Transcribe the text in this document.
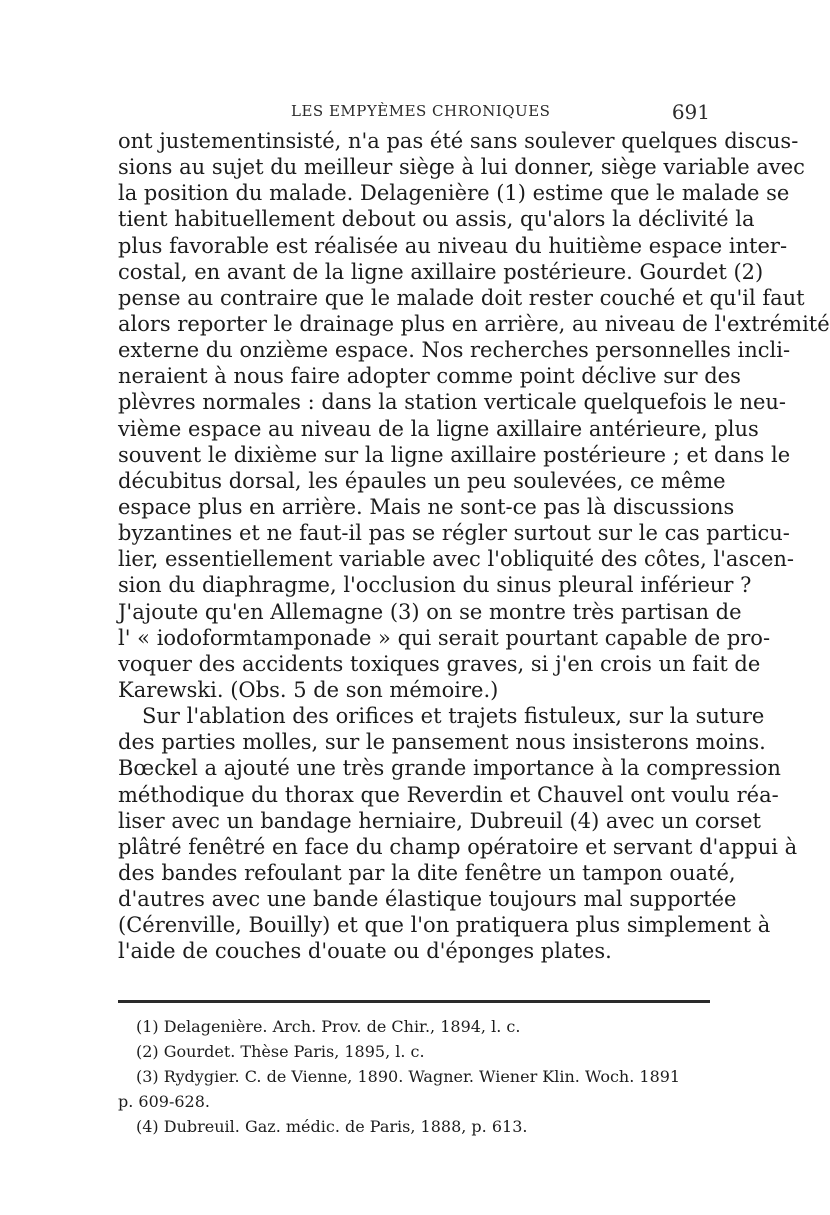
LES EMPYÈMES CHRONIQUES	691
ont justementinsisté, n'a pas été sans soulever quelques discus-
sions au sujet du meilleur siège à lui donner, siège variable avec
la position du malade. Delagenière (1) estime que le malade se
tient habituellement debout ou assis, qu'alors la déclivité la
plus favorable est réalisée au niveau du huitième espace inter-
costal, en avant de la ligne axillaire postérieure. Gourdet (2)
pense au contraire que le malade doit rester couché et qu'il faut
alors reporter le drainage plus en arrière, au niveau de l'extrémité
externe du onzième espace. Nos recherches personnelles incli-
neraient à nous faire adopter comme point déclive sur des
plèvres normales : dans la station verticale quelquefois le neu-
vième espace au niveau de la ligne axillaire antérieure, plus
souvent le dixième sur la ligne axillaire postérieure ; et dans le
décubitus dorsal, les épaules un peu soulevées, ce même
espace plus en arrière. Mais ne sont-ce pas là discussions
byzantines et ne faut-il pas se régler surtout sur le cas particu-
lier, essentiellement variable avec l'obliquité des côtes, l'ascen-
sion du diaphragme, l'occlusion du sinus pleural inférieur ?
J'ajoute qu'en Allemagne (3) on se montre très partisan de
l' « iodoformtamponade » qui serait pourtant capable de pro-
voquer des accidents toxiques graves, si j'en crois un fait de
Karewski. (Obs. 5 de son mémoire.)
Sur l'ablation des orifices et trajets fistuleux, sur la suture
des parties molles, sur le pansement nous insisterons moins.
Bœckel a ajouté une très grande importance à la compression
méthodique du thorax que Reverdin et Chauvel ont voulu réa-
liser avec un bandage herniaire, Dubreuil (4) avec un corset
plâtré fenêtré en face du champ opératoire et servant d'appui à
des bandes refoulant par la dite fenêtre un tampon ouaté,
d'autres avec une bande élastique toujours mal supportée
(Cérenville, Bouilly) et que l'on pratiquera plus simplement à
l'aide de couches d'ouate ou d'éponges plates.
(1) Delagenière. Arch. Prov. de Chir., 1894, l. c.
(2) Gourdet. Thèse Paris, 1895, l. c.
(3) Rydygier. C. de Vienne, 1890. Wagner. Wiener Klin. Woch. 1891
p. 609-628.
(4) Dubreuil. Gaz. médic. de Paris, 1888, p. 613.
